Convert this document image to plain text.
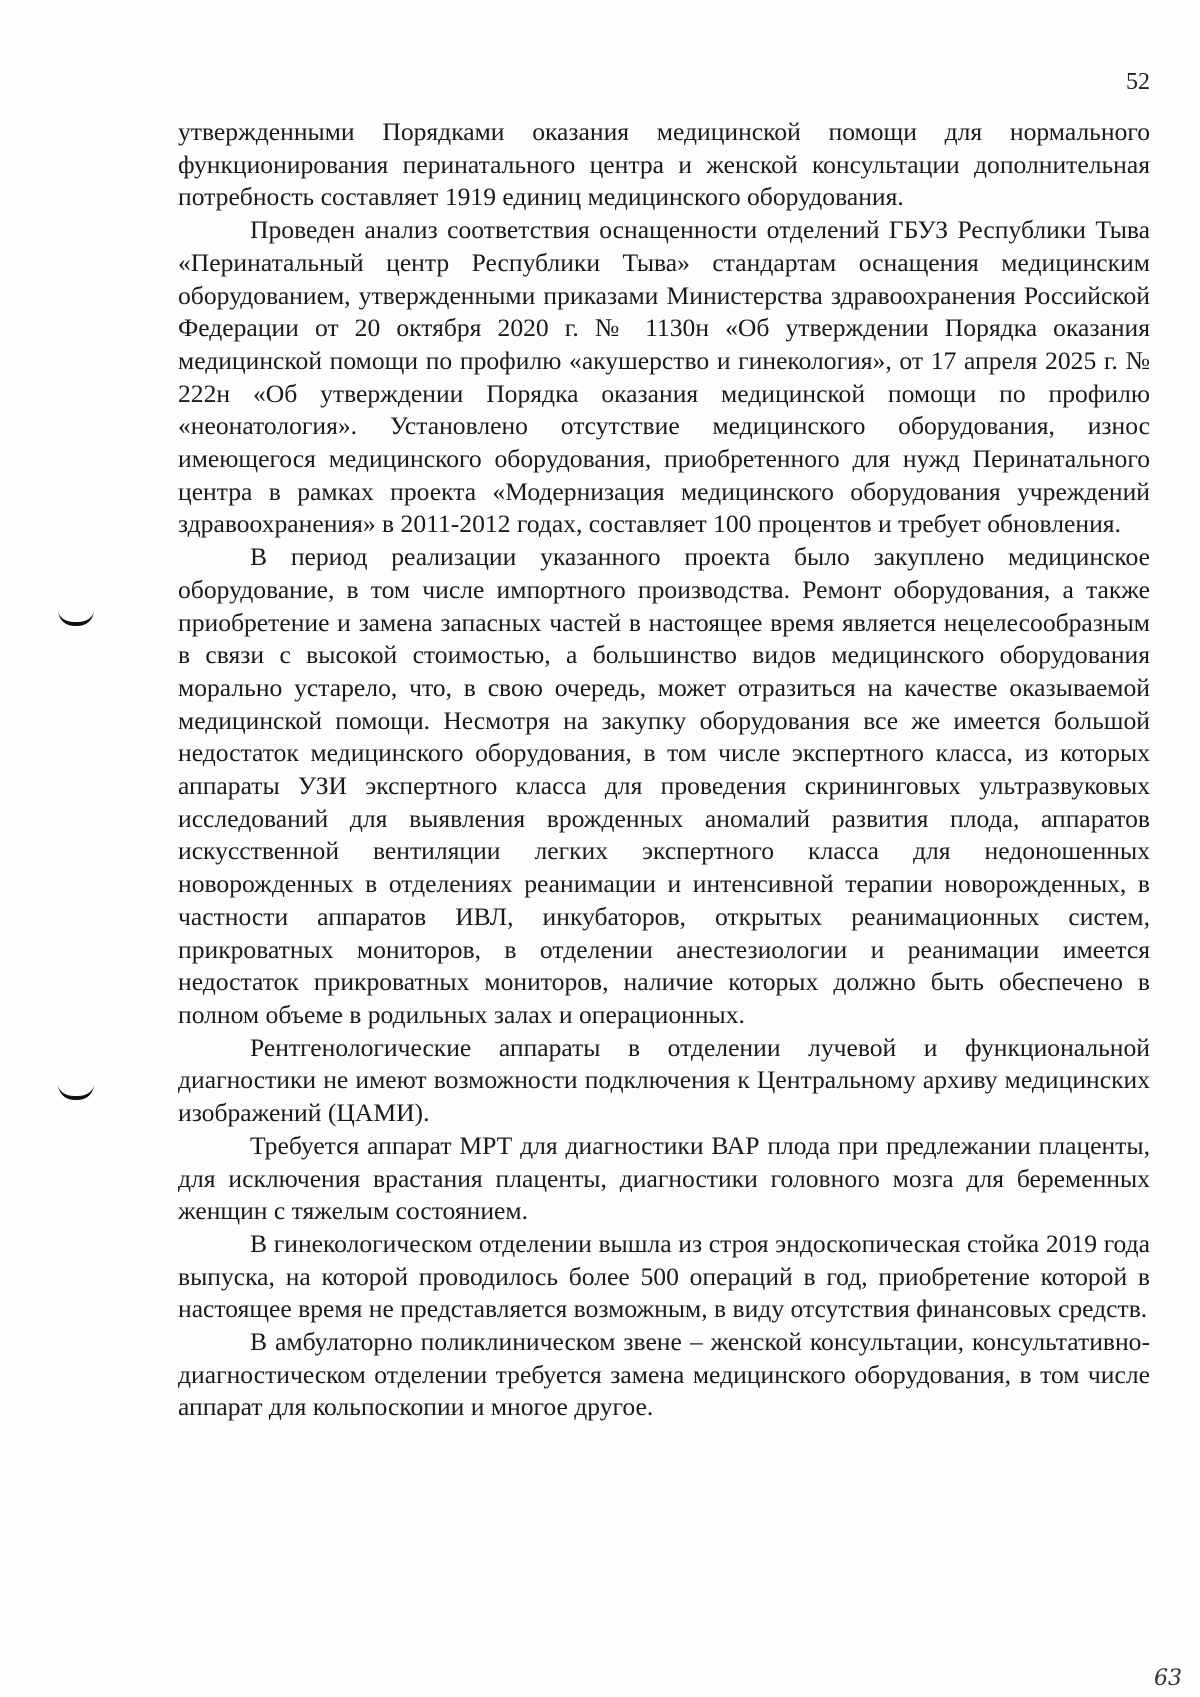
52

утвержденными Порядками оказания медицинской помощи для нормального функционирования перинатального центра и женской консультации дополнительная потребность составляет 1919 единиц медицинского оборудования.

Проведен анализ соответствия оснащенности отделений ГБУЗ Республики Тыва «Перинатальный центр Республики Тыва» стандартам оснащения медицинским оборудованием, утвержденными приказами Министерства здравоохранения Российской Федерации от 20 октября 2020 г. № 1130н «Об утверждении Порядка оказания медицинской помощи по профилю «акушерство и гинекология», от 17 апреля 2025 г. № 222н «Об утверждении Порядка оказания медицинской помощи по профилю «неонатология». Установлено отсутствие медицинского оборудования, износ имеющегося медицинского оборудования, приобретенного для нужд Перинатального центра в рамках проекта «Модернизация медицинского оборудования учреждений здравоохранения» в 2011-2012 годах, составляет 100 процентов и требует обновления.

В период реализации указанного проекта было закуплено медицинское оборудование, в том числе импортного производства. Ремонт оборудования, а также приобретение и замена запасных частей в настоящее время является нецелесообразным в связи с высокой стоимостью, а большинство видов медицинского оборудования морально устарело, что, в свою очередь, может отразиться на качестве оказываемой медицинской помощи. Несмотря на закупку оборудования все же имеется большой недостаток медицинского оборудования, в том числе экспертного класса, из которых аппараты УЗИ экспертного класса для проведения скрининговых ультразвуковых исследований для выявления врожденных аномалий развития плода, аппаратов искусственной вентиляции легких экспертного класса для недоношенных новорожденных в отделениях реанимации и интенсивной терапии новорожденных, в частности аппаратов ИВЛ, инкубаторов, открытых реанимационных систем, прикроватных мониторов, в отделении анестезиологии и реанимации имеется недостаток прикроватных мониторов, наличие которых должно быть обеспечено в полном объеме в родильных залах и операционных.

Рентгенологические аппараты в отделении лучевой и функциональной диагностики не имеют возможности подключения к Центральному архиву медицинских изображений (ЦАМИ).

Требуется аппарат МРТ для диагностики ВАР плода при предлежании плаценты, для исключения врастания плаценты, диагностики головного мозга для беременных женщин с тяжелым состоянием.

В гинекологическом отделении вышла из строя эндоскопическая стойка 2019 года выпуска, на которой проводилось более 500 операций в год, приобретение которой в настоящее время не представляется возможным, в виду отсутствия финансовых средств.

В амбулаторно поликлиническом звене – женской консультации, консультативно-диагностическом отделении требуется замена медицинского оборудования, в том числе аппарат для кольпоскопии и многое другое.

63
